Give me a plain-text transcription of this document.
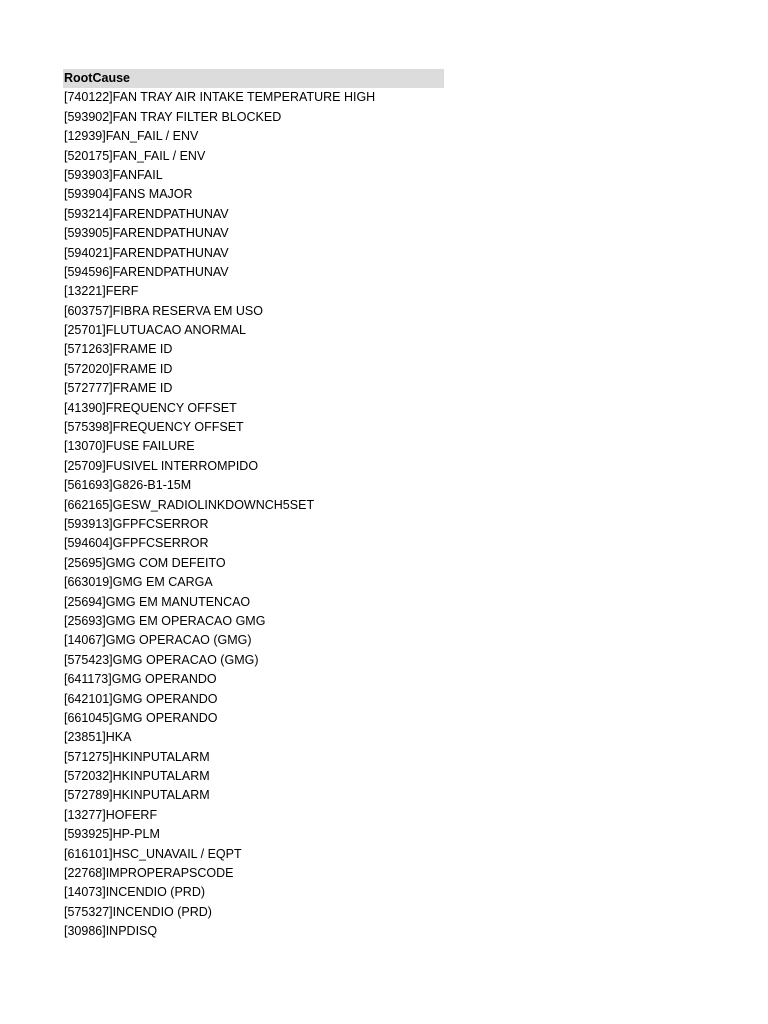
RootCause
[740122]FAN TRAY AIR INTAKE TEMPERATURE HIGH
[593902]FAN TRAY FILTER BLOCKED
[12939]FAN_FAIL / ENV
[520175]FAN_FAIL / ENV
[593903]FANFAIL
[593904]FANS MAJOR
[593214]FARENDPATHUNAV
[593905]FARENDPATHUNAV
[594021]FARENDPATHUNAV
[594596]FARENDPATHUNAV
[13221]FERF
[603757]FIBRA RESERVA EM USO
[25701]FLUTUACAO ANORMAL
[571263]FRAME ID
[572020]FRAME ID
[572777]FRAME ID
[41390]FREQUENCY OFFSET
[575398]FREQUENCY OFFSET
[13070]FUSE FAILURE
[25709]FUSIVEL INTERROMPIDO
[561693]G826-B1-15M
[662165]GESW_RADIOLINKDOWNCH5SET
[593913]GFPFCSERROR
[594604]GFPFCSERROR
[25695]GMG COM DEFEITO
[663019]GMG EM CARGA
[25694]GMG EM MANUTENCAO
[25693]GMG EM OPERACAO GMG
[14067]GMG OPERACAO (GMG)
[575423]GMG OPERACAO (GMG)
[641173]GMG OPERANDO
[642101]GMG OPERANDO
[661045]GMG OPERANDO
[23851]HKA
[571275]HKINPUTALARM
[572032]HKINPUTALARM
[572789]HKINPUTALARM
[13277]HOFERF
[593925]HP-PLM
[616101]HSC_UNAVAIL / EQPT
[22768]IMPROPERAPSCODE
[14073]INCENDIO (PRD)
[575327]INCENDIO (PRD)
[30986]INPDISQ
